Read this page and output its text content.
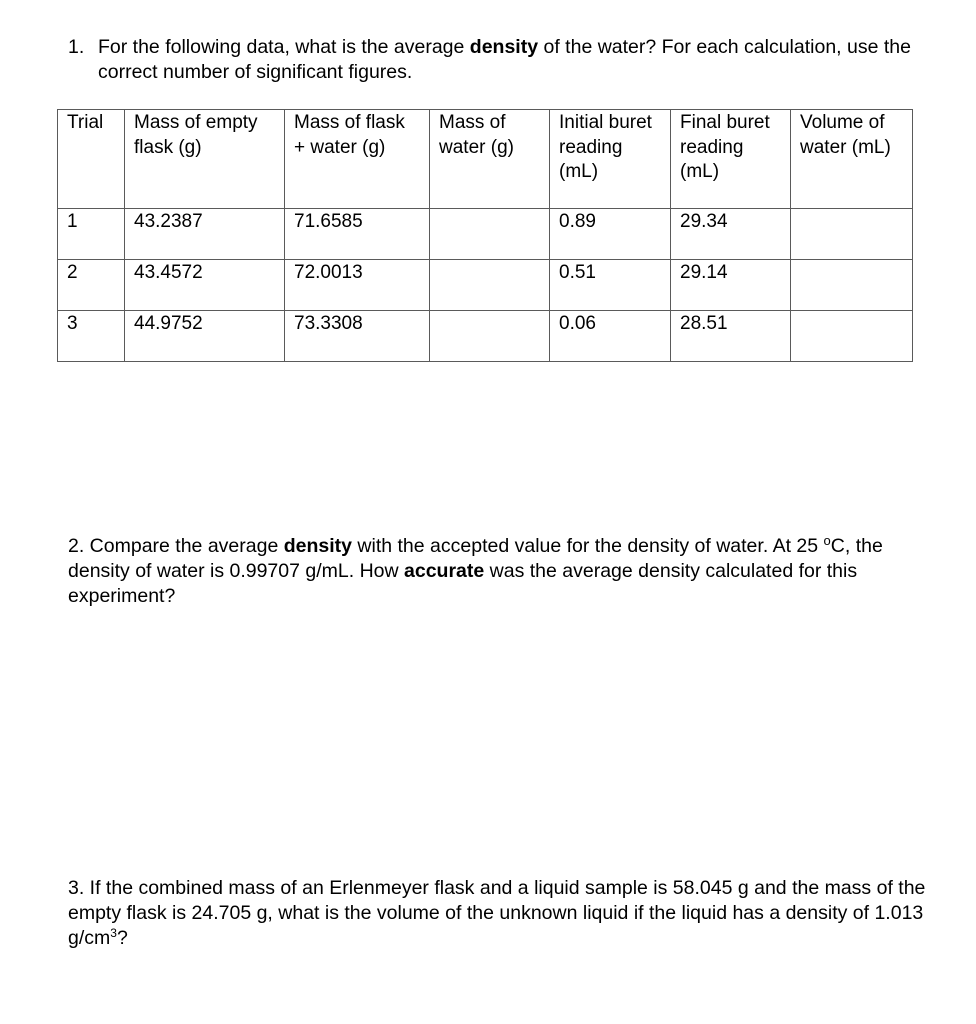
1. For the following data, what is the average density of the water? For each calculation, use the correct number of significant figures.
Trial	Mass of empty flask (g)	Mass of flask + water (g)	Mass of water (g)	Initial buret reading (mL)	Final buret reading (mL)	Volume of water (mL)
1	43.2387	71.6585		0.89	29.34	
2	43.4572	72.0013		0.51	29.14	
3	44.9752	73.3308		0.06	28.51	
2. Compare the average density with the accepted value for the density of water. At 25 $^o$C, the density of water is 0.99707 g/mL. How accurate was the average density calculated for this experiment?
3. If the combined mass of an Erlenmeyer flask and a liquid sample is 58.045 g and the mass of the empty flask is 24.705 g, what is the volume of the unknown liquid if the liquid has a density of 1.013 $g/cm^3$?
